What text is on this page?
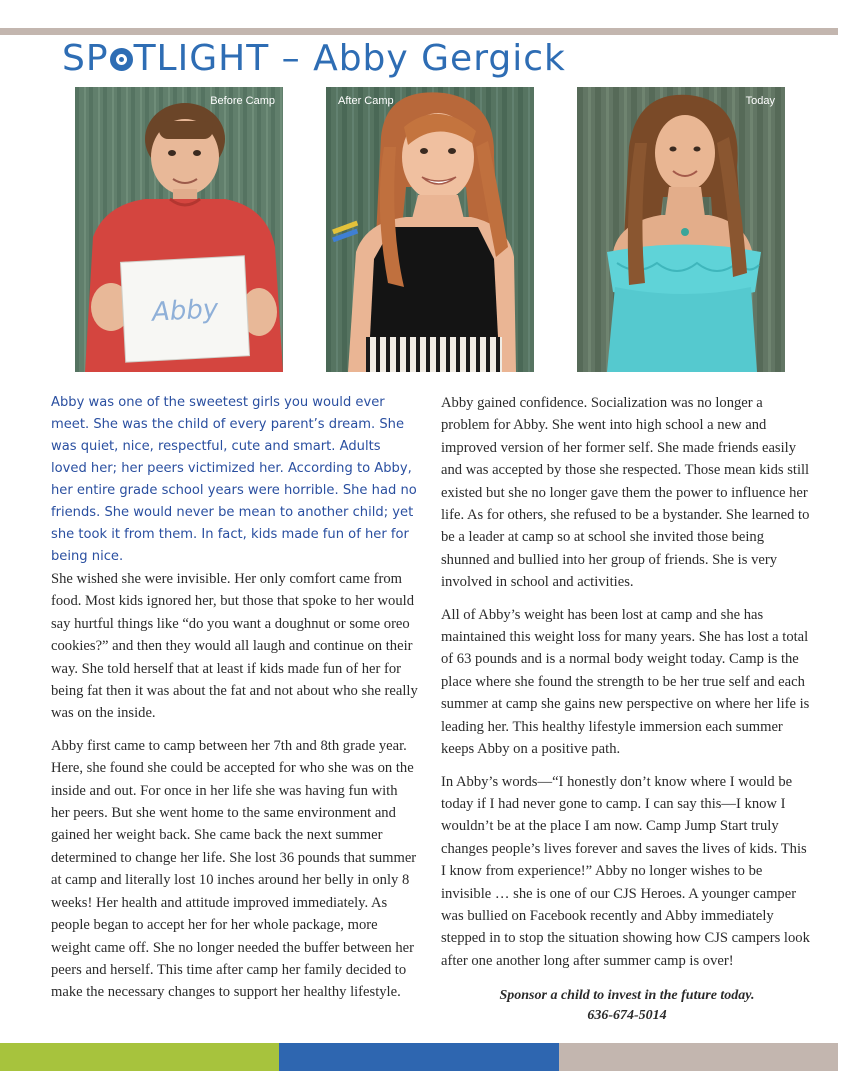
SP TLIGHT – Abby Gergick
Abby
Before Camp	After Camp	Today

Abby was one of the sweetest girls you would ever meet. She was the child of every parent’s dream. She was quiet, nice, respectful, cute and smart. Adults loved her; her peers victimized her. According to Abby, her entire grade school years were horrible. She had no friends. She would never be mean to another child; yet she took it from them. In fact, kids made fun of her for being nice.

She wished she were invisible. Her only comfort came from food. Most kids ignored her, but those that spoke to her would say hurtful things like “do you want a doughnut or some oreo cookies?” and then they would all laugh and continue on their way. She told herself that at least if kids made fun of her for being fat then it was about the fat and not about who she really was on the inside.

Abby first came to camp between her 7th and 8th grade year. Here, she found she could be accepted for who she was on the inside and out. For once in her life she was having fun with her peers. But she went home to the same environment and gained her weight back. She came back the next summer determined to change her life. She lost 36 pounds that summer at camp and literally lost 10 inches around her belly in only 8 weeks! Her health and attitude improved immediately. As people began to accept her for her whole package, more weight came off. She no longer needed the buffer between her peers and herself. This time after camp her family decided to make the necessary changes to support her healthy lifestyle.

Abby gained confidence. Socialization was no longer a problem for Abby. She went into high school a new and improved version of her former self. She made friends easily and was accepted by those she respected. Those mean kids still existed but she no longer gave them the power to influence her life. As for others, she refused to be a bystander. She learned to be a leader at camp so at school she invited those being shunned and bullied into her group of friends. She is very involved in school and activities.

All of Abby’s weight has been lost at camp and she has maintained this weight loss for many years. She has lost a total of 63 pounds and is a normal body weight today. Camp is the place where she found the strength to be her true self and each summer at camp she gains new perspective on where her life is leading her. This healthy lifestyle immersion each summer keeps Abby on a positive path.

In Abby’s words—“I honestly don’t know where I would be today if I had never gone to camp. I can say this—I know I wouldn’t be at the place I am now. Camp Jump Start truly changes people’s lives forever and saves the lives of kids. This I know from experience!” Abby no longer wishes to be invisible … she is one of our CJS Heroes. A younger camper was bullied on Facebook recently and Abby immediately stepped in to stop the situation showing how CJS campers look after one another long after summer camp is over!

Sponsor a child to invest in the future today.
636-674-5014
